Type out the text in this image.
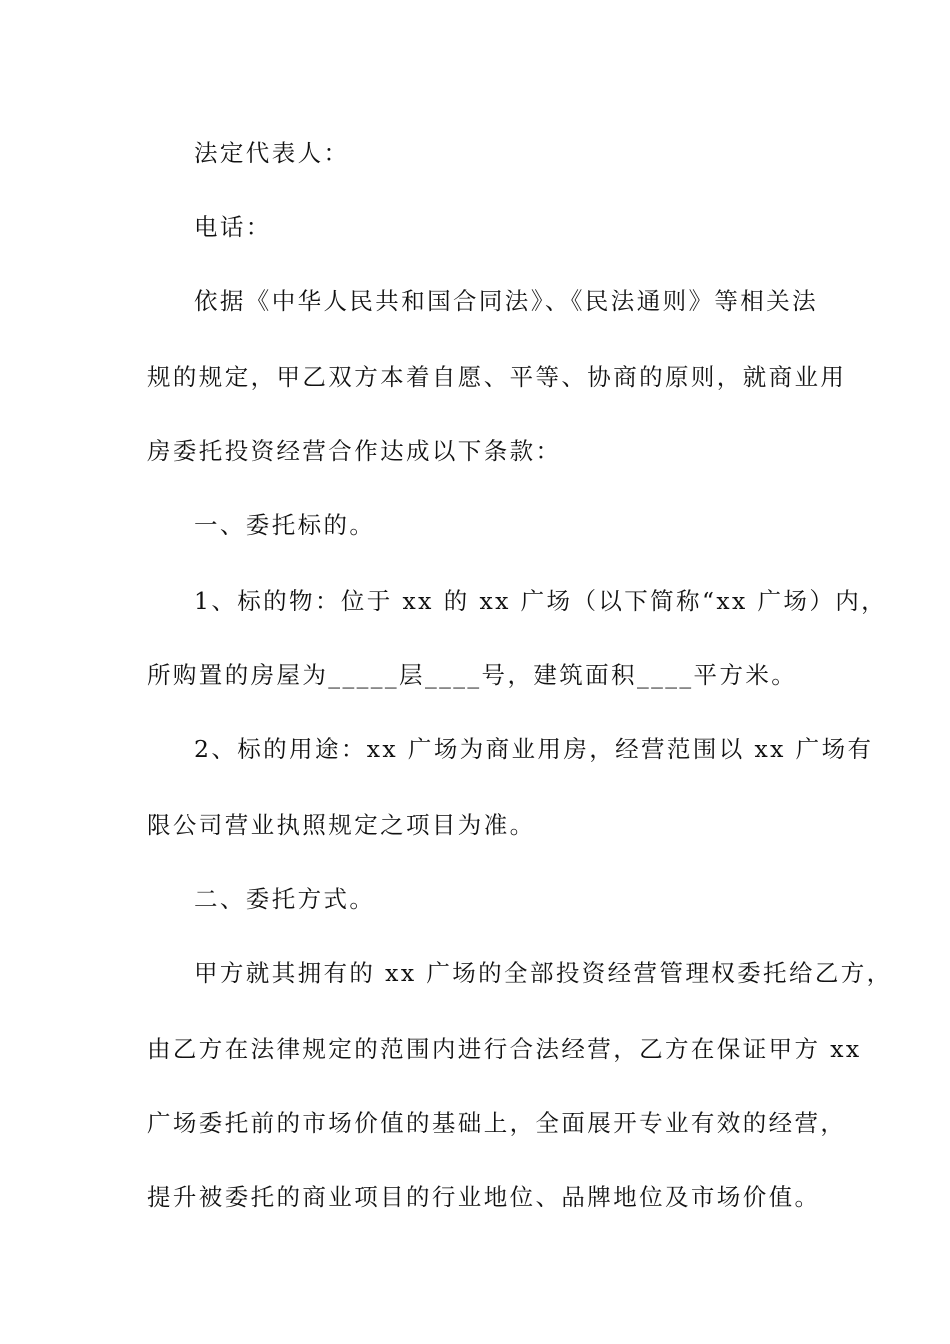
法定代表人：
电话：
依据《中华人民共和国合同法》、《民法通则》等相关法
规的规定，甲乙双方本着自愿、平等、协商的原则，就商业用
房委托投资经营合作达成以下条款：
一、委托标的。
1、标的物：位于 xx 的 xx 广场（以下简称“xx 广场）内，
所购置的房屋为_____层____号，建筑面积____平方米。
2、标的用途：xx 广场为商业用房，经营范围以 xx 广场有
限公司营业执照规定之项目为准。
二、委托方式。
甲方就其拥有的 xx 广场的全部投资经营管理权委托给乙方，
由乙方在法律规定的范围内进行合法经营，乙方在保证甲方 xx
广场委托前的市场价值的基础上，全面展开专业有效的经营，
提升被委托的商业项目的行业地位、品牌地位及市场价值。
